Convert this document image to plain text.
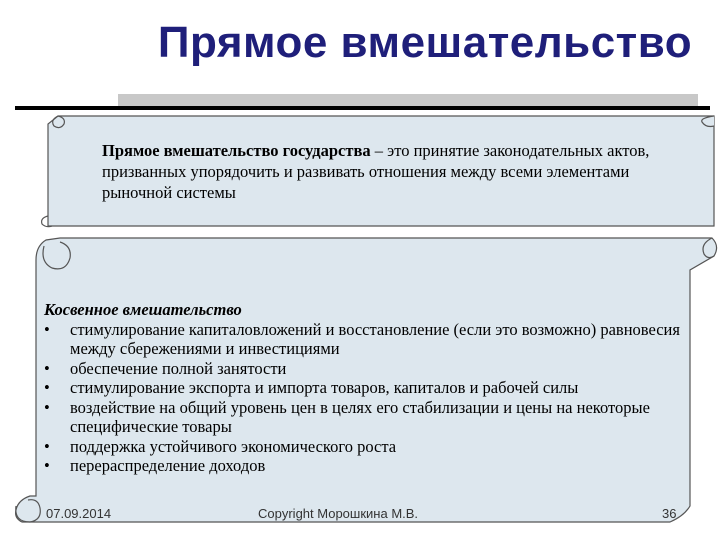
Прямое вмешательство
Прямое вмешательство государства – это принятие законодательных актов, призванных упорядочить и развивать отношения между всеми элементами рыночной системы
Косвенное вмешательство
•	стимулирование капиталовложений и восстановление (если это возможно) равновесия между сбережениями и инвестициями
•	обеспечение полной занятости
•	стимулирование экспорта и импорта товаров, капиталов и рабочей силы
•	воздействие на общий уровень цен в целях его стабилизации и цены на некоторые специфические товары
•	поддержка устойчивого экономического роста
•	перераспределение доходов
07.09.2014	Copyright Морошкина М.В.	36
